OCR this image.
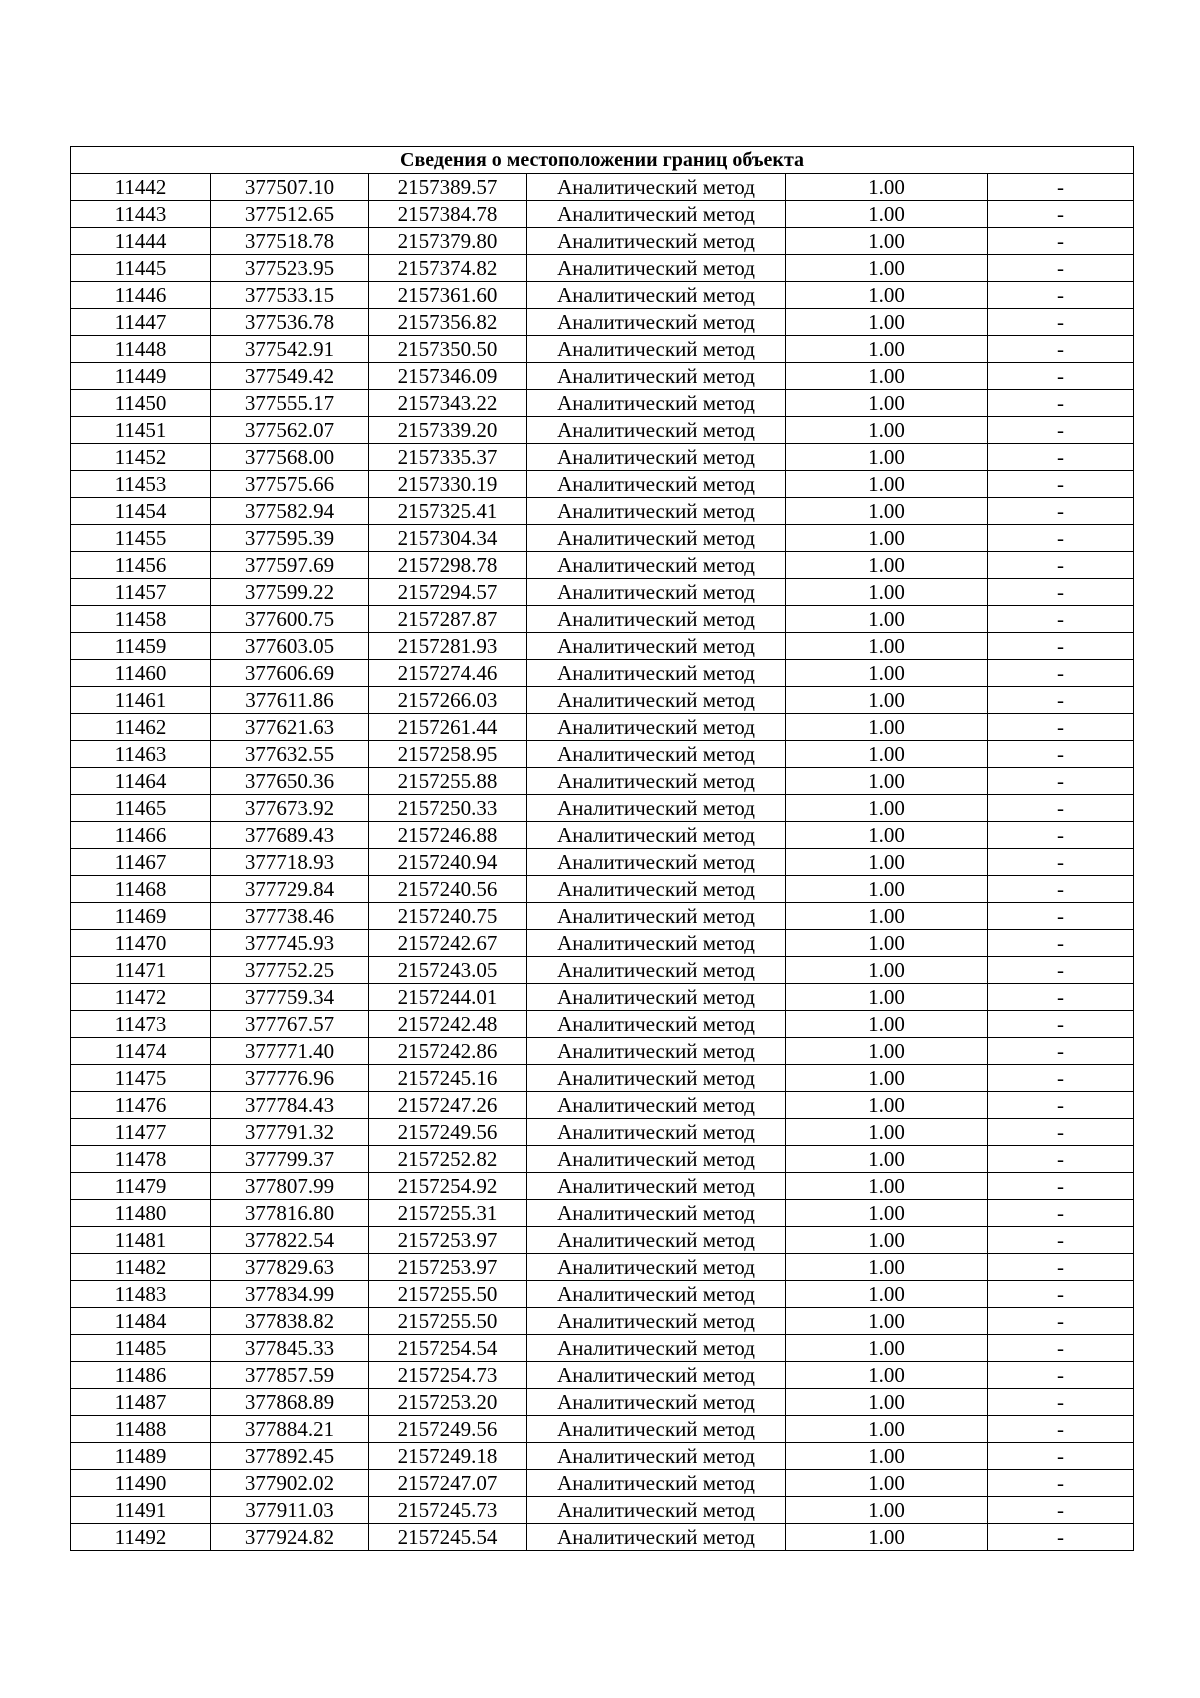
Сведения о местоположении границ объекта					
11442	377507.10	2157389.57	Аналитический метод	1.00	-
11443	377512.65	2157384.78	Аналитический метод	1.00	-
11444	377518.78	2157379.80	Аналитический метод	1.00	-
11445	377523.95	2157374.82	Аналитический метод	1.00	-
11446	377533.15	2157361.60	Аналитический метод	1.00	-
11447	377536.78	2157356.82	Аналитический метод	1.00	-
11448	377542.91	2157350.50	Аналитический метод	1.00	-
11449	377549.42	2157346.09	Аналитический метод	1.00	-
11450	377555.17	2157343.22	Аналитический метод	1.00	-
11451	377562.07	2157339.20	Аналитический метод	1.00	-
11452	377568.00	2157335.37	Аналитический метод	1.00	-
11453	377575.66	2157330.19	Аналитический метод	1.00	-
11454	377582.94	2157325.41	Аналитический метод	1.00	-
11455	377595.39	2157304.34	Аналитический метод	1.00	-
11456	377597.69	2157298.78	Аналитический метод	1.00	-
11457	377599.22	2157294.57	Аналитический метод	1.00	-
11458	377600.75	2157287.87	Аналитический метод	1.00	-
11459	377603.05	2157281.93	Аналитический метод	1.00	-
11460	377606.69	2157274.46	Аналитический метод	1.00	-
11461	377611.86	2157266.03	Аналитический метод	1.00	-
11462	377621.63	2157261.44	Аналитический метод	1.00	-
11463	377632.55	2157258.95	Аналитический метод	1.00	-
11464	377650.36	2157255.88	Аналитический метод	1.00	-
11465	377673.92	2157250.33	Аналитический метод	1.00	-
11466	377689.43	2157246.88	Аналитический метод	1.00	-
11467	377718.93	2157240.94	Аналитический метод	1.00	-
11468	377729.84	2157240.56	Аналитический метод	1.00	-
11469	377738.46	2157240.75	Аналитический метод	1.00	-
11470	377745.93	2157242.67	Аналитический метод	1.00	-
11471	377752.25	2157243.05	Аналитический метод	1.00	-
11472	377759.34	2157244.01	Аналитический метод	1.00	-
11473	377767.57	2157242.48	Аналитический метод	1.00	-
11474	377771.40	2157242.86	Аналитический метод	1.00	-
11475	377776.96	2157245.16	Аналитический метод	1.00	-
11476	377784.43	2157247.26	Аналитический метод	1.00	-
11477	377791.32	2157249.56	Аналитический метод	1.00	-
11478	377799.37	2157252.82	Аналитический метод	1.00	-
11479	377807.99	2157254.92	Аналитический метод	1.00	-
11480	377816.80	2157255.31	Аналитический метод	1.00	-
11481	377822.54	2157253.97	Аналитический метод	1.00	-
11482	377829.63	2157253.97	Аналитический метод	1.00	-
11483	377834.99	2157255.50	Аналитический метод	1.00	-
11484	377838.82	2157255.50	Аналитический метод	1.00	-
11485	377845.33	2157254.54	Аналитический метод	1.00	-
11486	377857.59	2157254.73	Аналитический метод	1.00	-
11487	377868.89	2157253.20	Аналитический метод	1.00	-
11488	377884.21	2157249.56	Аналитический метод	1.00	-
11489	377892.45	2157249.18	Аналитический метод	1.00	-
11490	377902.02	2157247.07	Аналитический метод	1.00	-
11491	377911.03	2157245.73	Аналитический метод	1.00	-
11492	377924.82	2157245.54	Аналитический метод	1.00	-
